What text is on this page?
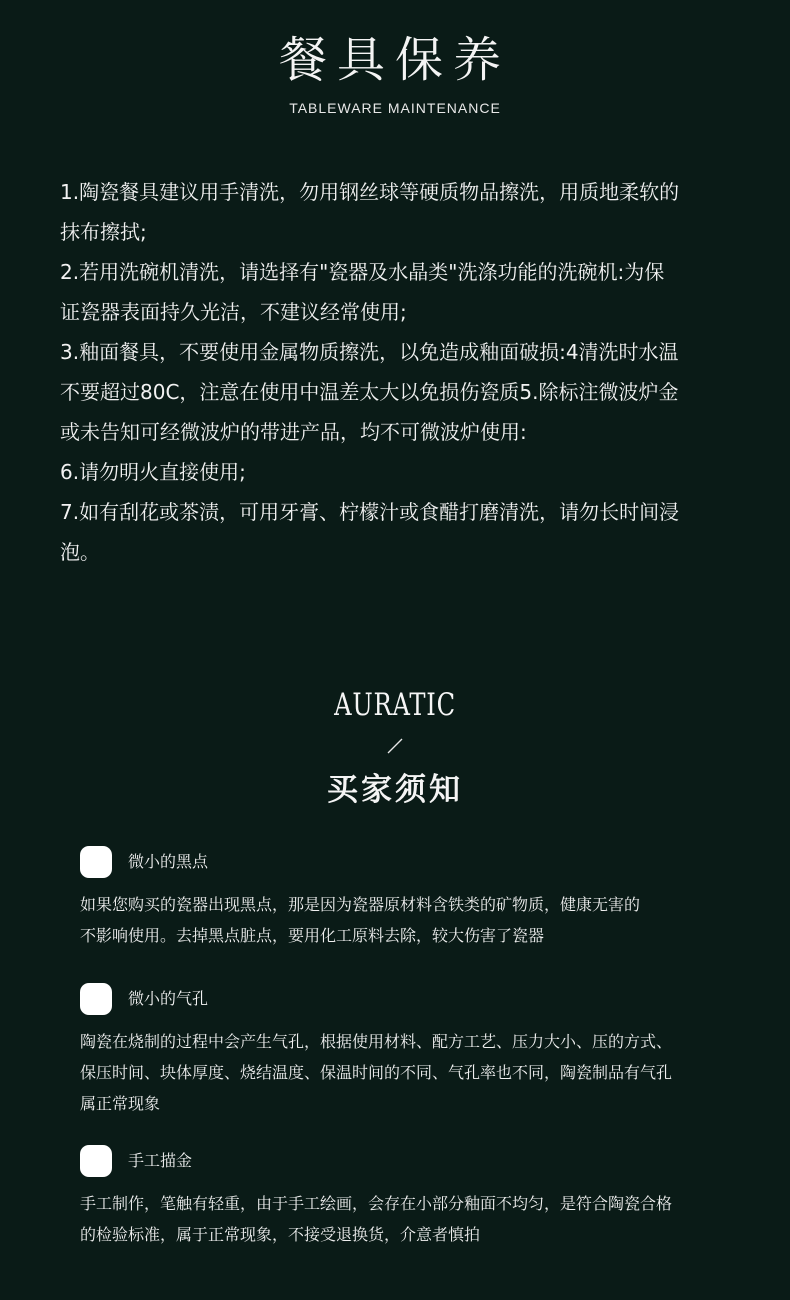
餐具保养
TABLEWARE MAINTENANCE
1.陶瓷餐具建议用手清洗，勿用钢丝球等硬质物品擦洗，用质地柔软的
抹布擦拭;
2.若用洗碗机清洗，请选择有"瓷器及水晶类"洗涤功能的洗碗机:为保
证瓷器表面持久光洁，不建议经常使用;
3.釉面餐具，不要使用金属物质擦洗，以免造成釉面破损:4清洗时水温
不要超过80C，注意在使用中温差太大以免损伤瓷质5.除标注微波炉金
或未告知可经微波炉的带进产品，均不可微波炉使用:
6.请勿明火直接使用;
7.如有刮花或茶渍，可用牙膏、柠檬汁或食醋打磨清洗，请勿长时间浸
泡。
AURATIC
买家须知
微小的黑点
如果您购买的瓷器出现黑点，那是因为瓷器原材料含铁类的矿物质，健康无害的
不影响使用。去掉黑点脏点，要用化工原料去除，较大伤害了瓷器
微小的气孔
陶瓷在烧制的过程中会产生气孔，根据使用材料、配方工艺、压力大小、压的方式、
保压时间、块体厚度、烧结温度、保温时间的不同、气孔率也不同，陶瓷制品有气孔
属正常现象
手工描金
手工制作，笔触有轻重，由于手工绘画，会存在小部分釉面不均匀，是符合陶瓷合格
的检验标准，属于正常现象，不接受退换货，介意者慎拍
